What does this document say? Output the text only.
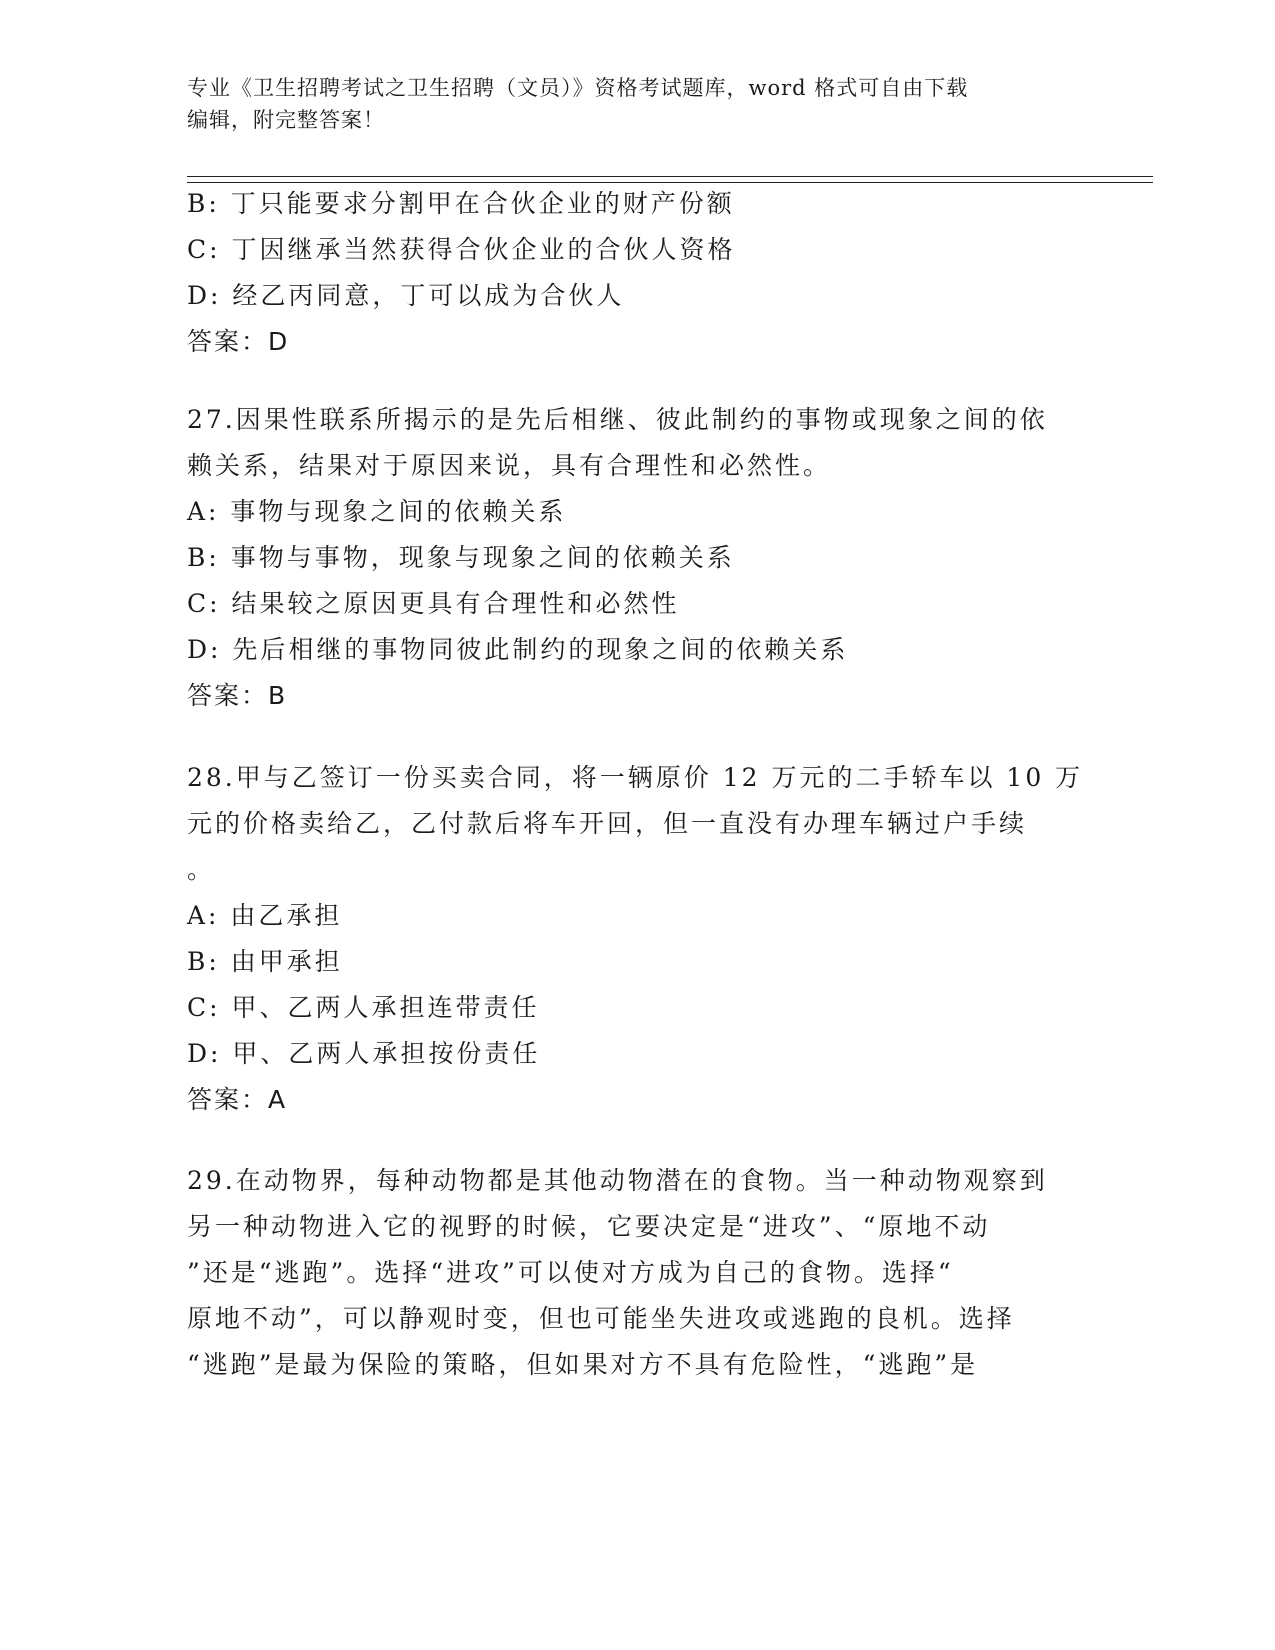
专业《卫生招聘考试之卫生招聘（文员）》资格考试题库，word 格式可自由下载
编辑，附完整答案！
B: 丁只能要求分割甲在合伙企业的财产份额
C: 丁因继承当然获得合伙企业的合伙人资格
D: 经乙丙同意，丁可以成为合伙人
答案：D
27.因果性联系所揭示的是先后相继、彼此制约的事物或现象之间的依
赖关系，结果对于原因来说，具有合理性和必然性。
A: 事物与现象之间的依赖关系
B: 事物与事物，现象与现象之间的依赖关系
C: 结果较之原因更具有合理性和必然性
D: 先后相继的事物同彼此制约的现象之间的依赖关系
答案：B
28.甲与乙签订一份买卖合同，将一辆原价 12 万元的二手轿车以 10 万
元的价格卖给乙，乙付款后将车开回，但一直没有办理车辆过户手续
。
A: 由乙承担
B: 由甲承担
C: 甲、乙两人承担连带责任
D: 甲、乙两人承担按份责任
答案：A
29.在动物界，每种动物都是其他动物潜在的食物。当一种动物观察到
另一种动物进入它的视野的时候，它要决定是“进攻”、“原地不动
”还是“逃跑”。选择“进攻”可以使对方成为自己的食物。选择“
原地不动”，可以静观时变，但也可能坐失进攻或逃跑的良机。选择
“逃跑”是最为保险的策略，但如果对方不具有危险性，“逃跑”是
